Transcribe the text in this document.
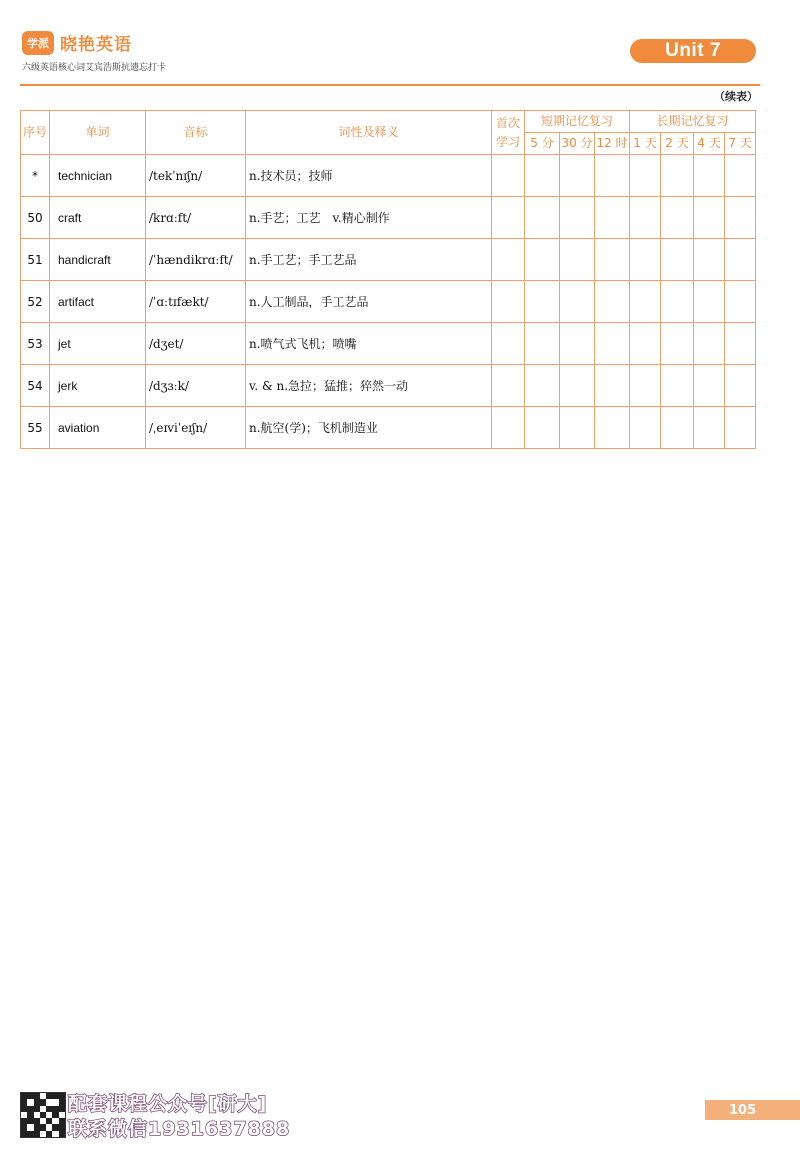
学派 晓艳英语
六级英语核心词艾宾浩斯抗遗忘打卡
Unit 7
（续表）
序号	单词	音标	词性及释义	首次
学习	短期记忆复习			长期记忆复习			
					5 分	30 分	12 时	1 天	2 天	4 天	7 天
*	technician	/tekˈnɪʃn/	n.技术员；技师								
50	craft	/krɑːft/	n.手艺；工艺　v.精心制作								
51	handicraft	/ˈhændikrɑːft/	n.手工艺；手工艺品								
52	artifact	/ˈɑːtɪfækt/	n.人工制品，手工艺品								
53	jet	/dʒet/	n.喷气式飞机；喷嘴								
54	jerk	/dʒɜːk/	v. & n.急拉；猛推；猝然一动								
55	aviation	/ˌeɪviˈeɪʃn/	n.航空(学)；飞机制造业								
配套课程公众号[研大]
联系微信1931637888
105
